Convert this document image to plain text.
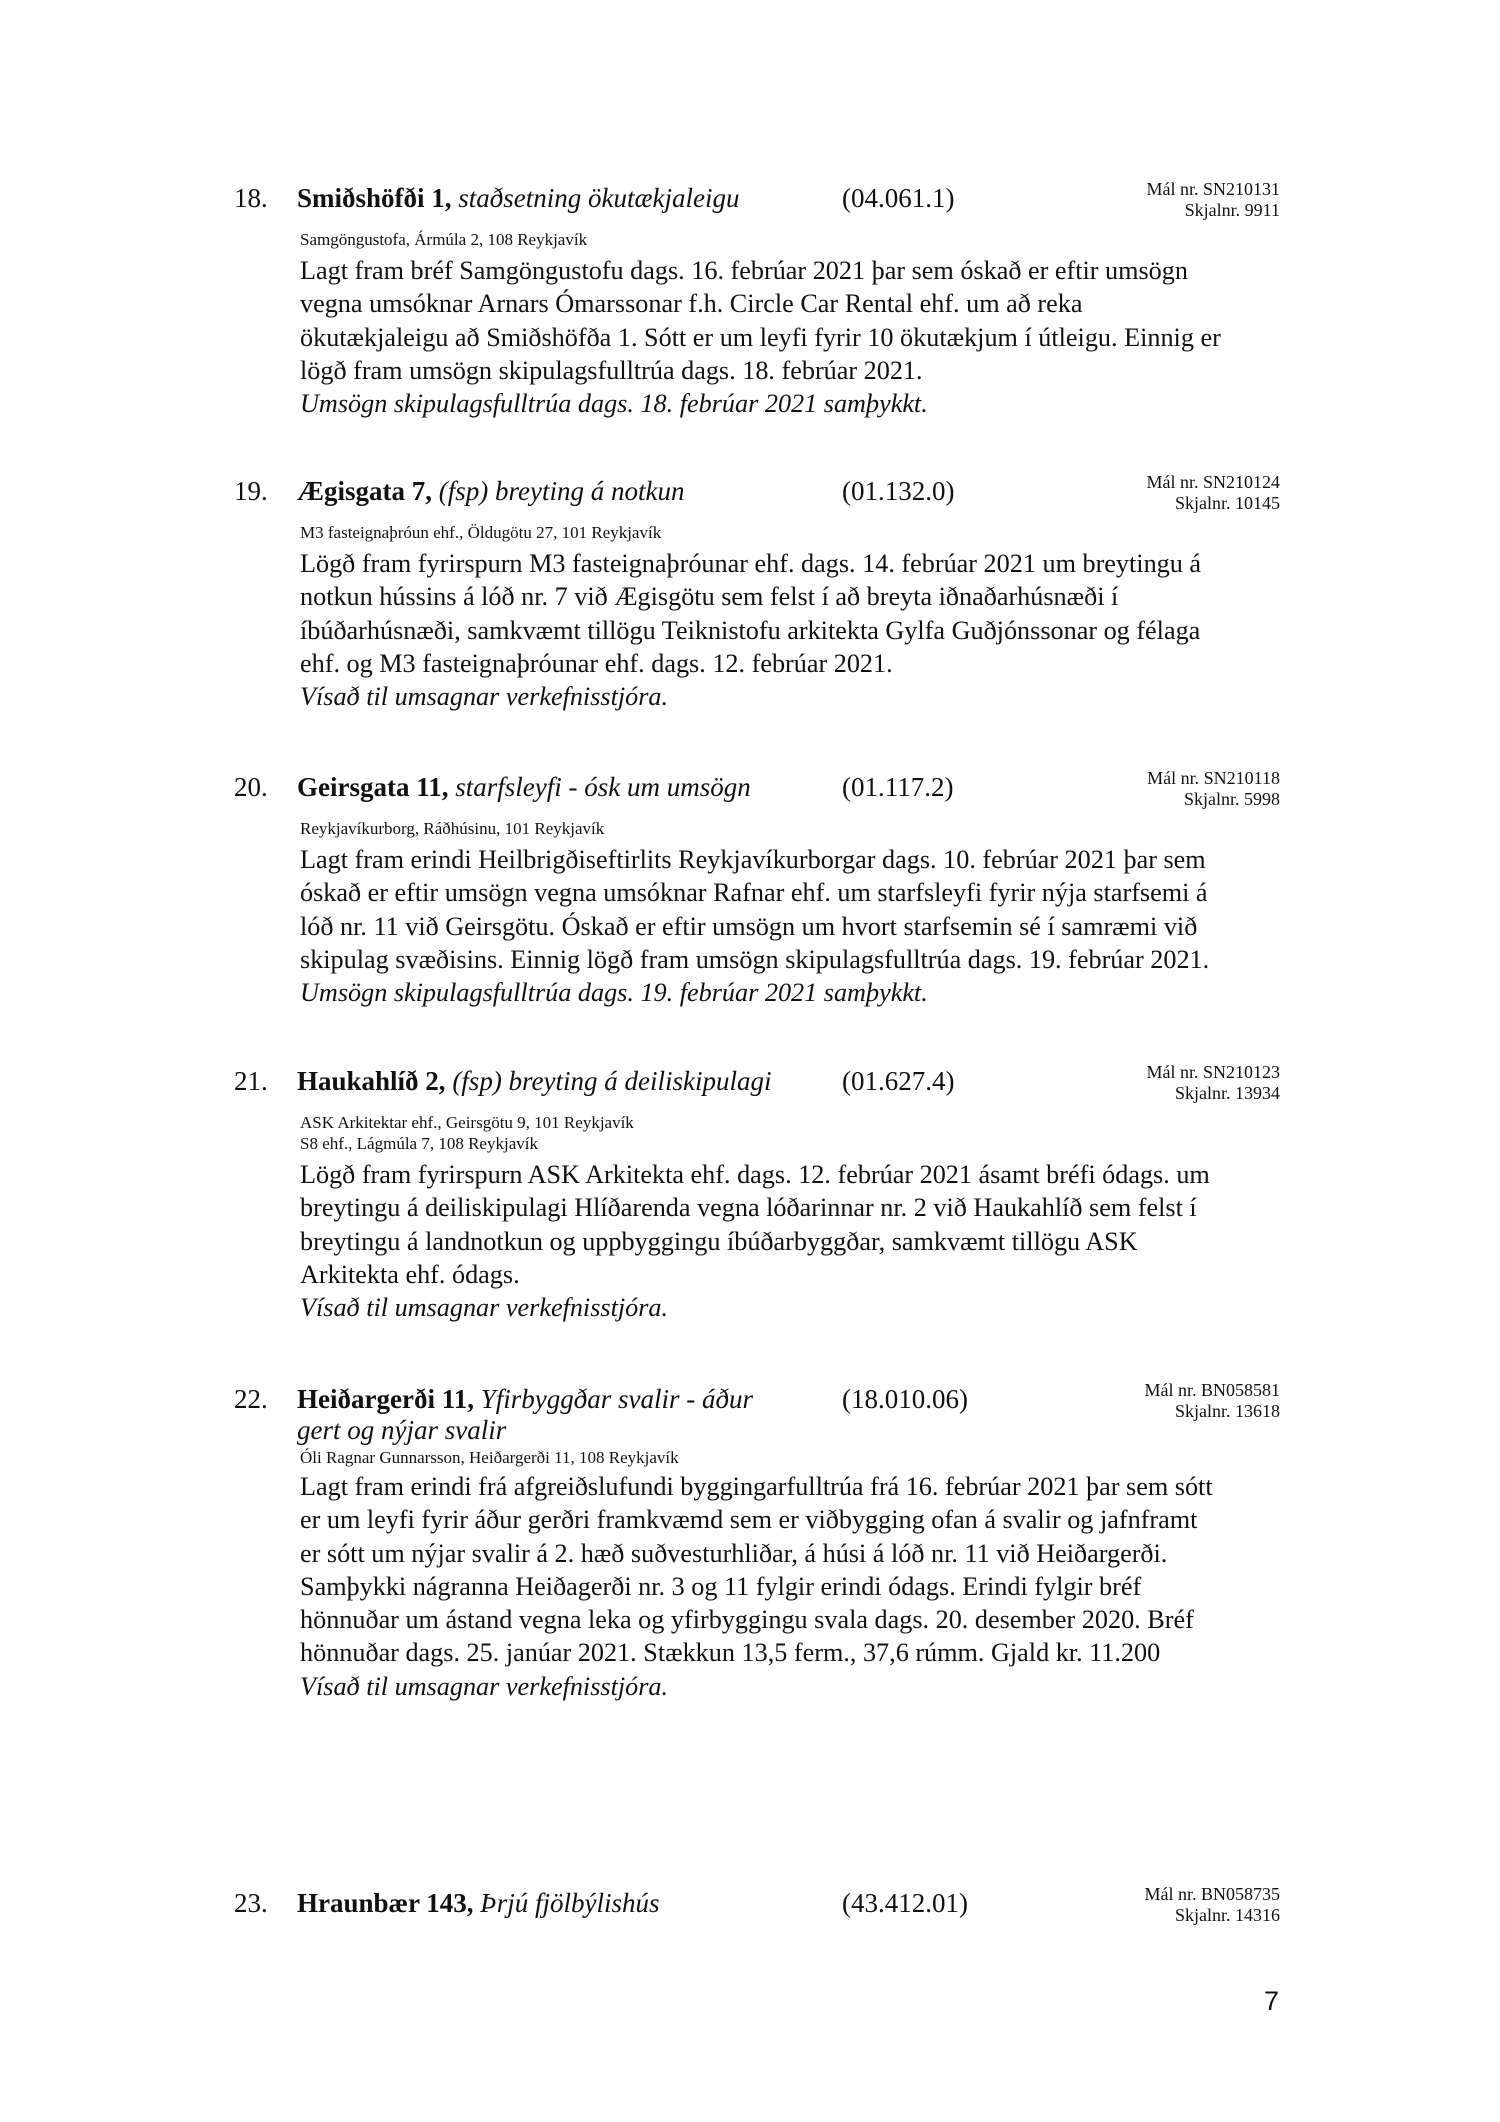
18. Smiðshöfði 1, staðsetning ökutækjaleigu	(04.061.1)	Mál nr. SN210131
Skjalnr. 9911
Samgöngustofa, Ármúla 2, 108 Reykjavík

Lagt fram bréf Samgöngustofu dags. 16. febrúar 2021 þar sem óskað er eftir umsögn

vegna umsóknar Arnars Ómarssonar f.h. Circle Car Rental ehf. um að reka

ökutækjaleigu að Smiðshöfða 1. Sótt er um leyfi fyrir 10 ökutækjum í útleigu. Einnig er

lögð fram umsögn skipulagsfulltrúa dags. 18. febrúar 2021.

Umsögn skipulagsfulltrúa dags. 18. febrúar 2021 samþykkt.

19. Ægisgata 7, (fsp) breyting á notkun	(01.132.0)	Mál nr. SN210124
Skjalnr. 10145
M3 fasteignaþróun ehf., Öldugötu 27, 101 Reykjavík

Lögð fram fyrirspurn M3 fasteignaþróunar ehf. dags. 14. febrúar 2021 um breytingu á

notkun hússins á lóð nr. 7 við Ægisgötu sem felst í að breyta iðnaðarhúsnæði í

íbúðarhúsnæði, samkvæmt tillögu Teiknistofu arkitekta Gylfa Guðjónssonar og félaga

ehf. og M3 fasteignaþróunar ehf. dags. 12. febrúar 2021.

Vísað til umsagnar verkefnisstjóra.

20. Geirsgata 11, starfsleyfi - ósk um umsögn	(01.117.2)	Mál nr. SN210118
Skjalnr. 5998
Reykjavíkurborg, Ráðhúsinu, 101 Reykjavík

Lagt fram erindi Heilbrigðiseftirlits Reykjavíkurborgar dags. 10. febrúar 2021 þar sem

óskað er eftir umsögn vegna umsóknar Rafnar ehf. um starfsleyfi fyrir nýja starfsemi á

lóð nr. 11 við Geirsgötu. Óskað er eftir umsögn um hvort starfsemin sé í samræmi við

skipulag svæðisins. Einnig lögð fram umsögn skipulagsfulltrúa dags. 19. febrúar 2021.

Umsögn skipulagsfulltrúa dags. 19. febrúar 2021 samþykkt.

21. Haukahlíð 2, (fsp) breyting á deiliskipulagi	(01.627.4)	Mál nr. SN210123
Skjalnr. 13934
ASK Arkitektar ehf., Geirsgötu 9, 101 Reykjavík
S8 ehf., Lágmúla 7, 108 Reykjavík

Lögð fram fyrirspurn ASK Arkitekta ehf. dags. 12. febrúar 2021 ásamt bréfi ódags. um

breytingu á deiliskipulagi Hlíðarenda vegna lóðarinnar nr. 2 við Haukahlíð sem felst í

breytingu á landnotkun og uppbyggingu íbúðarbyggðar, samkvæmt tillögu ASK

Arkitekta ehf. ódags.

Vísað til umsagnar verkefnisstjóra.

22. Heiðargerði 11, Yfirbyggðar svalir - áður gert og nýjar svalir
(18.010.06)	Mál nr. BN058581
Skjalnr. 13618
Óli Ragnar Gunnarsson, Heiðargerði 11, 108 Reykjavík

Lagt fram erindi frá afgreiðslufundi byggingarfulltrúa frá 16. febrúar 2021 þar sem sótt

er um leyfi fyrir áður gerðri framkvæmd sem er viðbygging ofan á svalir og jafnframt

er sótt um nýjar svalir á 2. hæð suðvesturhliðar, á húsi á lóð nr. 11 við Heiðargerði.

Samþykki nágranna Heiðagerði nr. 3 og 11 fylgir erindi ódags. Erindi fylgir bréf

hönnuðar um ástand vegna leka og yfirbyggingu svala dags. 20. desember 2020. Bréf

hönnuðar dags. 25. janúar 2021. Stækkun 13,5 ferm., 37,6 rúmm. Gjald kr. 11.200

Vísað til umsagnar verkefnisstjóra.

23. Hraunbær 143, Þrjú fjölbýlishús	(43.412.01)	Mál nr. BN058735
Skjalnr. 14316
7
